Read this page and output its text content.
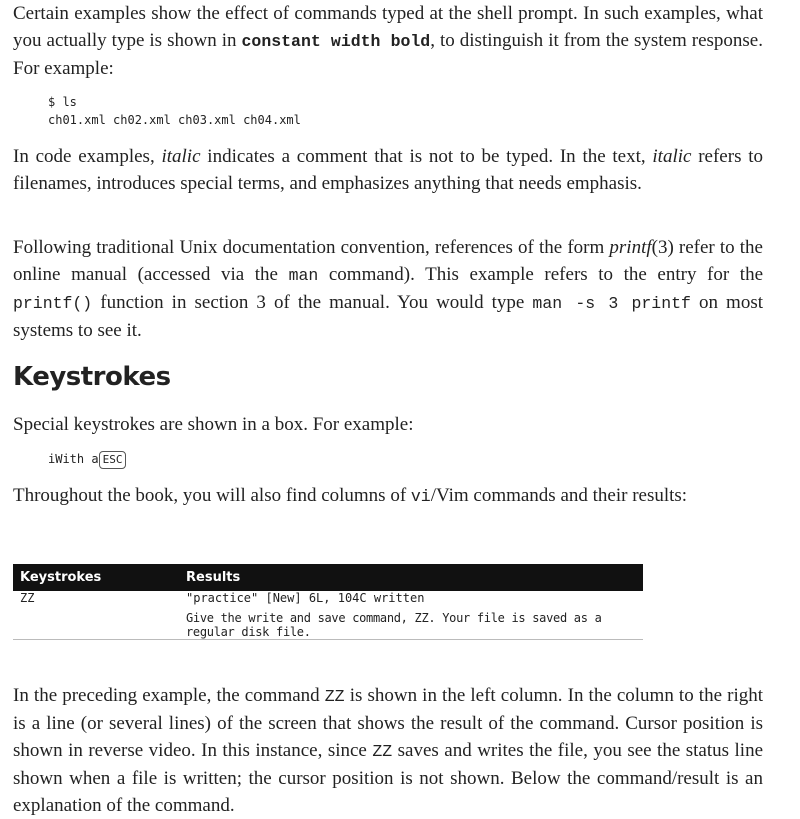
Certain examples show the effect of commands typed at the shell prompt. In such examples, what you actually type is shown in constant width bold, to distinguish it from the system response. For example:

$ ls
ch01.xml ch02.xml ch03.xml ch04.xml

In code examples, italic indicates a comment that is not to be typed. In the text, italic refers to filenames, introduces special terms, and emphasizes anything that needs emphasis.

Following traditional Unix documentation convention, references of the form printf(3) refer to the online manual (accessed via the man command). This example refers to the entry for the printf() function in section 3 of the manual. You would type man -s 3 printf on most systems to see it.

Keystrokes

Special keystrokes are shown in a box. For example:

iWith a ESC

Throughout the book, you will also find columns of vi/Vim commands and their results:

Keystrokes	Results
ZZ	"practice" [New] 6L, 104C written
	Give the write and save command, ZZ. Your file is saved as a regular disk file.

In the preceding example, the command ZZ is shown in the left column. In the column to the right is a line (or several lines) of the screen that shows the result of the command. Cursor position is shown in reverse video. In this instance, since ZZ saves and writes the file, you see the status line shown when a file is written; the cursor position is not shown. Below the command/result is an explanation of the command.
